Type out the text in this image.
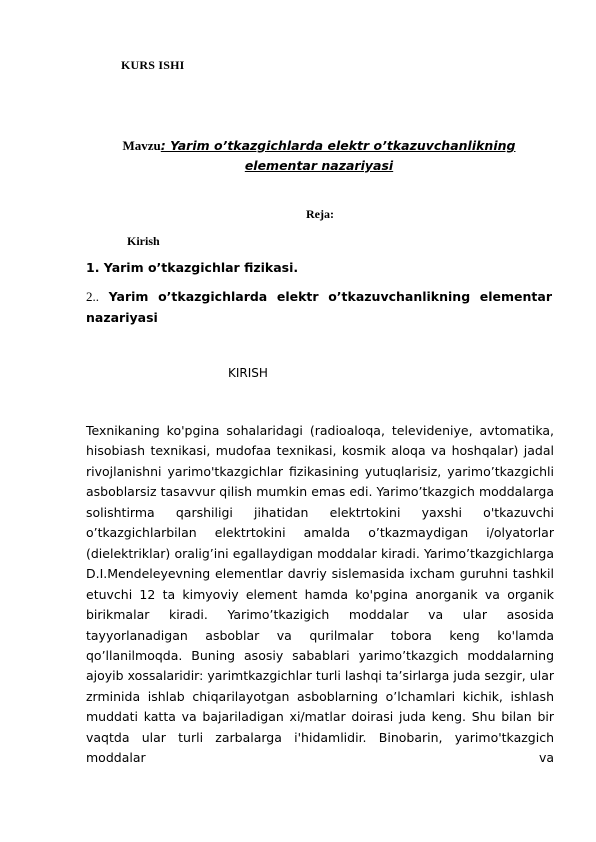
KURS ISHI
Mavzu: Yarim o’tkazgichlarda elektr o’tkazuvchanlikning elementar nazariyasi
Reja:
Kirish
1. Yarim o’tkazgichlar fizikasi.
2.. Yarim o’tkazgichlarda elektr o’tkazuvchanlikning elementar nazariyasi
KIRISH

Texnikaning ko'pgina sohalaridagi (radioaloqa, televideniye, avtomatika, hisobiash texnikasi, mudofaa texnikasi, kosmik aloqa va hoshqalar) jadal rivojlanishni yarimo'tkazgichlar fizikasining yutuqlarisiz, yarimo’tkazgichli asboblarsiz tasavvur qilish mumkin emas edi. Yarimo’tkazgich moddalarga solishtirma qarshiligi jihatidan elektrtokini yaxshi o'tkazuvchi o’tkazgichlarbilan elektrtokini amalda o’tkazmaydigan i/olyatorlar (dielektriklar) oralig’ini egallaydigan moddalar kiradi. Yarimo’tkazgichlarga D.I.Mendeleyevning elementlar davriy sislemasida ixcham guruhni tashkil etuvchi 12 ta kimyoviy element hamda ko'pgina anorganik va organik birikmalar kiradi. Yarimo’tkazigich moddalar va ular asosida tayyorlanadigan asboblar va qurilmalar tobora keng ko'lamda qo’llanilmoqda. Buning asosiy sabablari yarimo’tkazgich moddalarning ajoyib xossalaridir: yarimtkazgichlar turli lashqi ta’sirlarga juda sezgir, ular zrminida ishlab chiqarilayotgan asboblarning o’lchamlari kichik, ishlash muddati katta va bajariladigan xi/matlar doirasi juda keng. Shu bilan bir vaqtda ular turli zarbalarga i'hidamlidir. Binobarin, yarimo'tkazgich moddalar va
